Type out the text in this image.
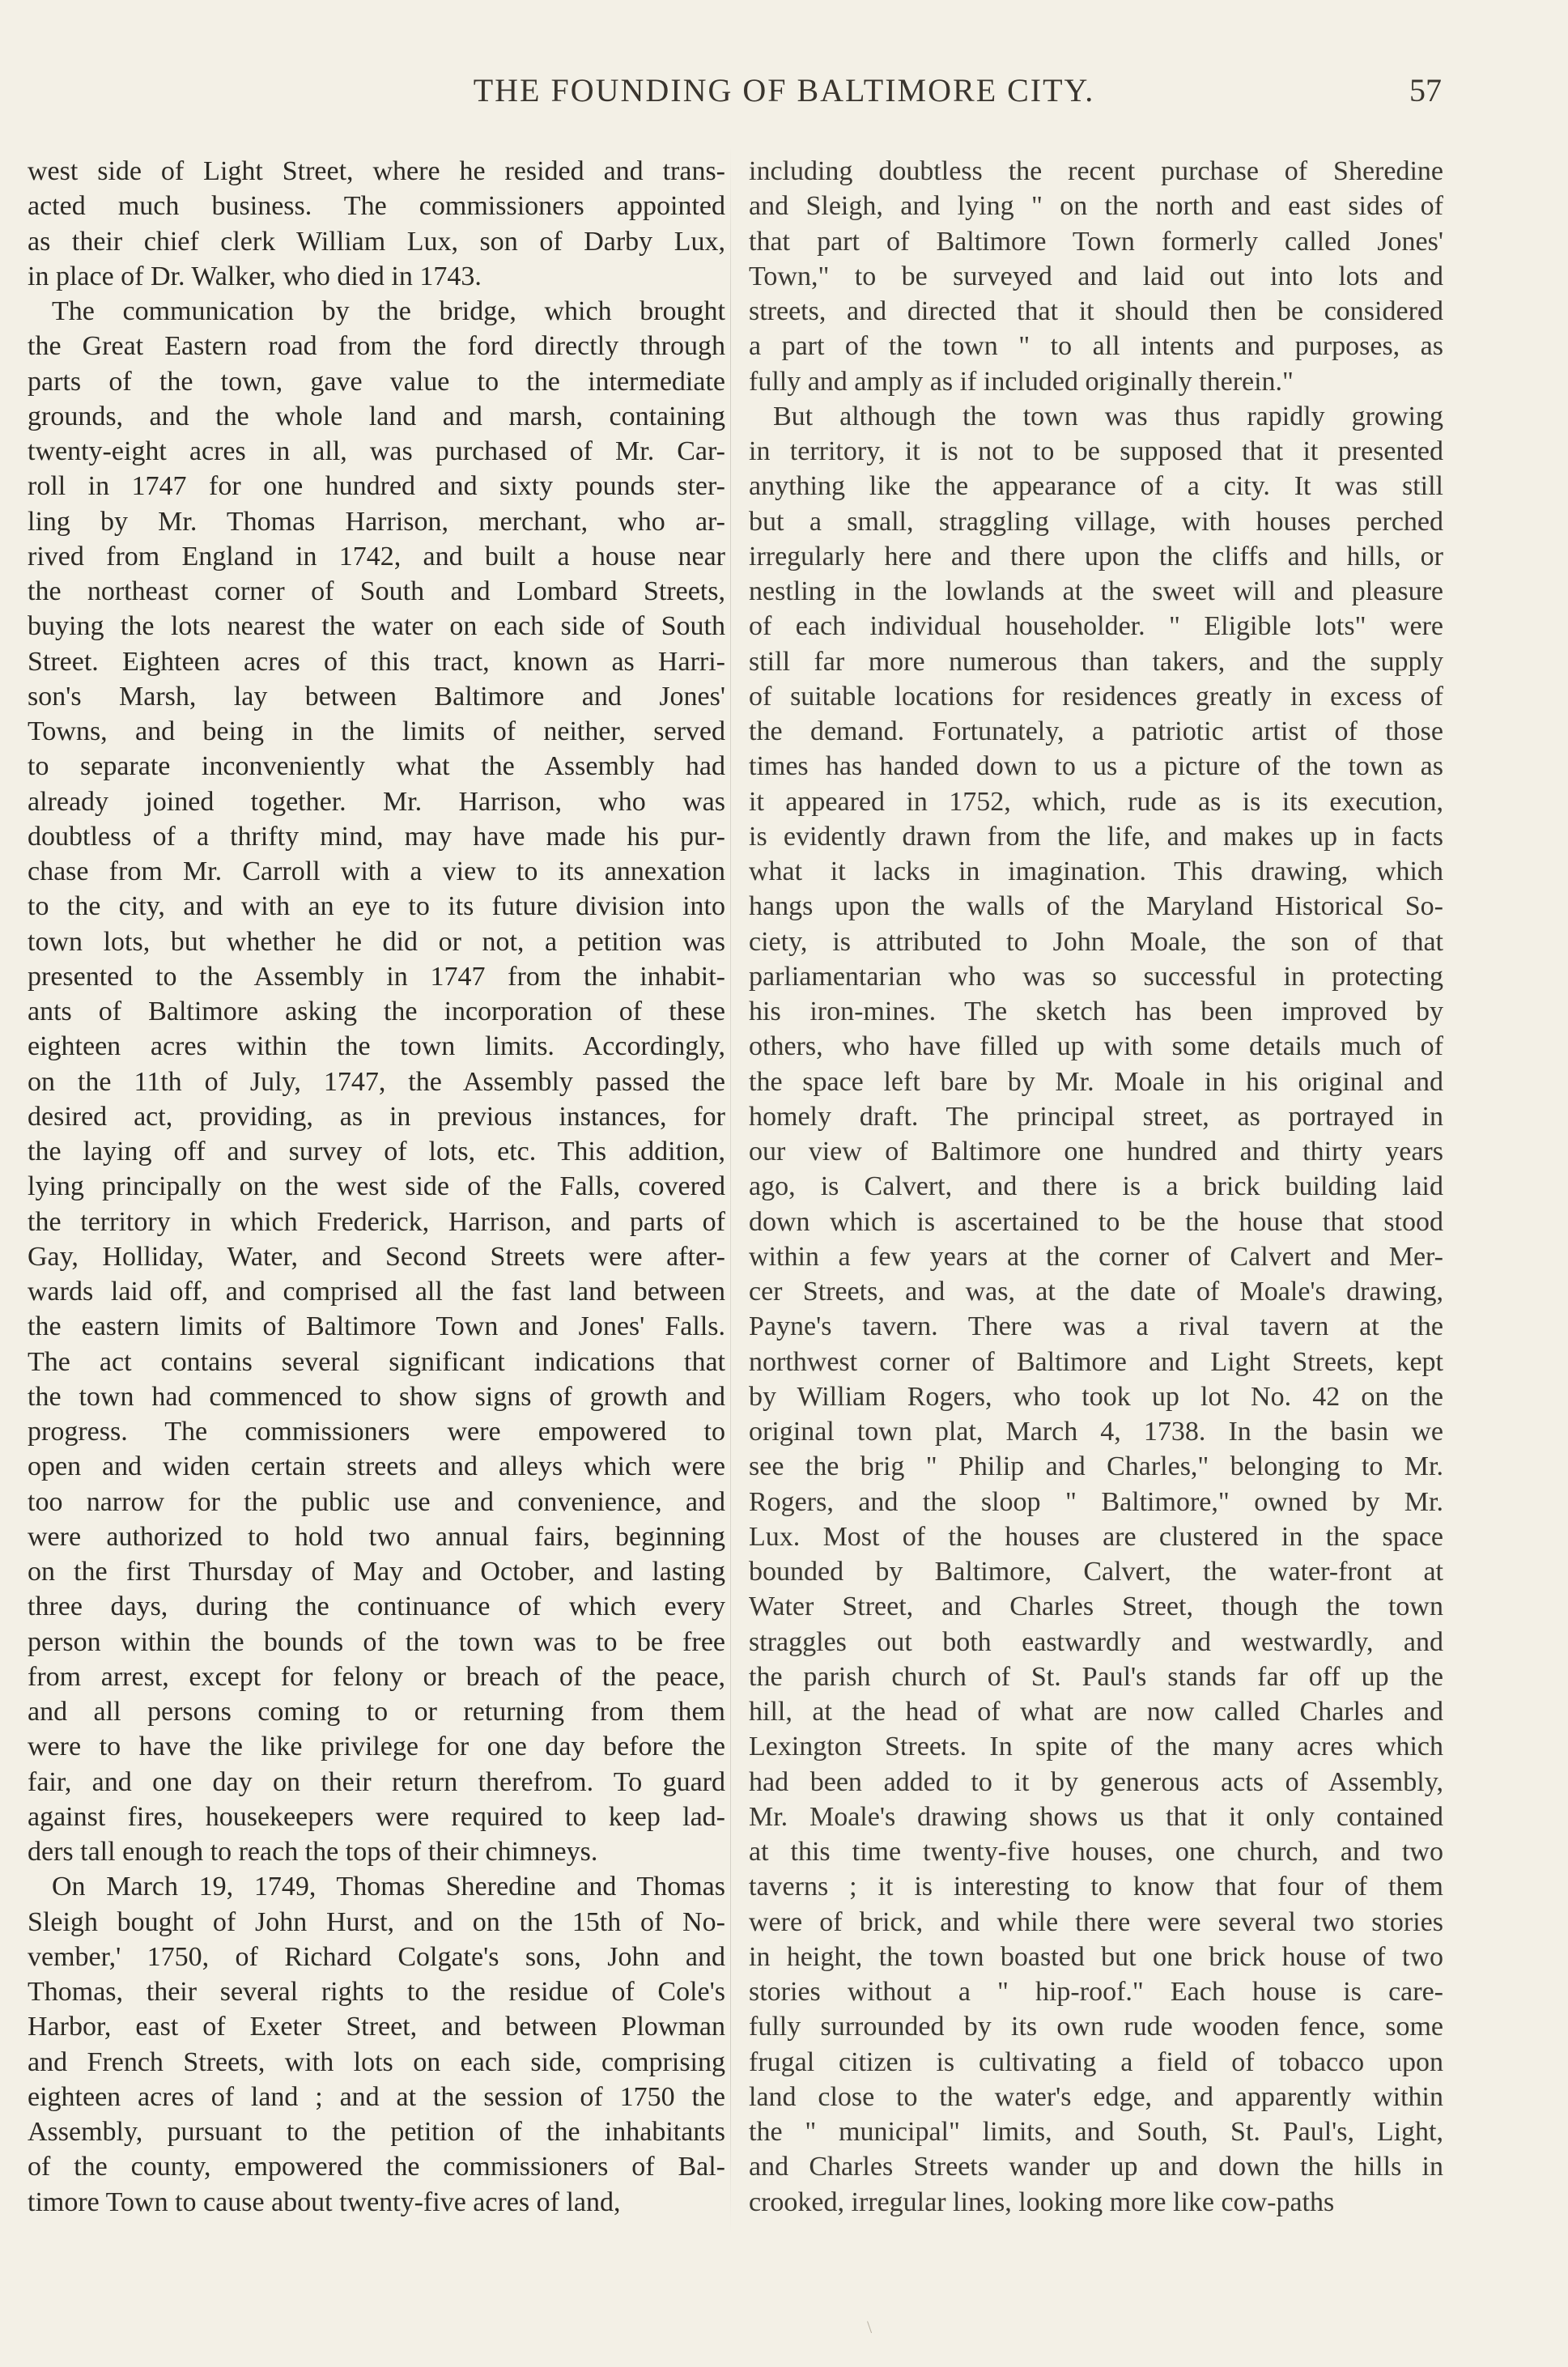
THE FOUNDING OF BALTIMORE CITY.	57
west side of Light Street, where he resided and trans-
acted much business. The commissioners appointed
as their chief clerk William Lux, son of Darby Lux,
in place of Dr. Walker, who died in 1743.
The communication by the bridge, which brought
the Great Eastern road from the ford directly through
parts of the town, gave value to the intermediate
grounds, and the whole land and marsh, containing
twenty-eight acres in all, was purchased of Mr. Car-
roll in 1747 for one hundred and sixty pounds ster-
ling by Mr. Thomas Harrison, merchant, who ar-
rived from England in 1742, and built a house near
the northeast corner of South and Lombard Streets,
buying the lots nearest the water on each side of South
Street. Eighteen acres of this tract, known as Harri-
son's Marsh, lay between Baltimore and Jones'
Towns, and being in the limits of neither, served
to separate inconveniently what the Assembly had
already joined together. Mr. Harrison, who was
doubtless of a thrifty mind, may have made his pur-
chase from Mr. Carroll with a view to its annexation
to the city, and with an eye to its future division into
town lots, but whether he did or not, a petition was
presented to the Assembly in 1747 from the inhabit-
ants of Baltimore asking the incorporation of these
eighteen acres within the town limits. Accordingly,
on the 11th of July, 1747, the Assembly passed the
desired act, providing, as in previous instances, for
the laying off and survey of lots, etc. This addition,
lying principally on the west side of the Falls, covered
the territory in which Frederick, Harrison, and parts of
Gay, Holliday, Water, and Second Streets were after-
wards laid off, and comprised all the fast land between
the eastern limits of Baltimore Town and Jones' Falls.
The act contains several significant indications that
the town had commenced to show signs of growth and
progress. The commissioners were empowered to
open and widen certain streets and alleys which were
too narrow for the public use and convenience, and
were authorized to hold two annual fairs, beginning
on the first Thursday of May and October, and lasting
three days, during the continuance of which every
person within the bounds of the town was to be free
from arrest, except for felony or breach of the peace,
and all persons coming to or returning from them
were to have the like privilege for one day before the
fair, and one day on their return therefrom. To guard
against fires, housekeepers were required to keep lad-
ders tall enough to reach the tops of their chimneys.
On March 19, 1749, Thomas Sheredine and Thomas
Sleigh bought of John Hurst, and on the 15th of No-
vember,' 1750, of Richard Colgate's sons, John and
Thomas, their several rights to the residue of Cole's
Harbor, east of Exeter Street, and between Plowman
and French Streets, with lots on each side, comprising
eighteen acres of land ; and at the session of 1750 the
Assembly, pursuant to the petition of the inhabitants
of the county, empowered the commissioners of Bal-
timore Town to cause about twenty-five acres of land,
including doubtless the recent purchase of Sheredine
and Sleigh, and lying " on the north and east sides of
that part of Baltimore Town formerly called Jones'
Town," to be surveyed and laid out into lots and
streets, and directed that it should then be considered
a part of the town " to all intents and purposes, as
fully and amply as if included originally therein."
But although the town was thus rapidly growing
in territory, it is not to be supposed that it presented
anything like the appearance of a city. It was still
but a small, straggling village, with houses perched
irregularly here and there upon the cliffs and hills, or
nestling in the lowlands at the sweet will and pleasure
of each individual householder. " Eligible lots" were
still far more numerous than takers, and the supply
of suitable locations for residences greatly in excess of
the demand. Fortunately, a patriotic artist of those
times has handed down to us a picture of the town as
it appeared in 1752, which, rude as is its execution,
is evidently drawn from the life, and makes up in facts
what it lacks in imagination. This drawing, which
hangs upon the walls of the Maryland Historical So-
ciety, is attributed to John Moale, the son of that
parliamentarian who was so successful in protecting
his iron-mines. The sketch has been improved by
others, who have filled up with some details much of
the space left bare by Mr. Moale in his original and
homely draft. The principal street, as portrayed in
our view of Baltimore one hundred and thirty years
ago, is Calvert, and there is a brick building laid
down which is ascertained to be the house that stood
within a few years at the corner of Calvert and Mer-
cer Streets, and was, at the date of Moale's drawing,
Payne's tavern. There was a rival tavern at the
northwest corner of Baltimore and Light Streets, kept
by William Rogers, who took up lot No. 42 on the
original town plat, March 4, 1738. In the basin we
see the brig " Philip and Charles," belonging to Mr.
Rogers, and the sloop " Baltimore," owned by Mr.
Lux. Most of the houses are clustered in the space
bounded by Baltimore, Calvert, the water-front at
Water Street, and Charles Street, though the town
straggles out both eastwardly and westwardly, and
the parish church of St. Paul's stands far off up the
hill, at the head of what are now called Charles and
Lexington Streets. In spite of the many acres which
had been added to it by generous acts of Assembly,
Mr. Moale's drawing shows us that it only contained
at this time twenty-five houses, one church, and two
taverns ; it is interesting to know that four of them
were of brick, and while there were several two stories
in height, the town boasted but one brick house of two
stories without a " hip-roof." Each house is care-
fully surrounded by its own rude wooden fence, some
frugal citizen is cultivating a field of tobacco upon
land close to the water's edge, and apparently within
the " municipal" limits, and South, St. Paul's, Light,
and Charles Streets wander up and down the hills in
crooked, irregular lines, looking more like cow-paths
\
